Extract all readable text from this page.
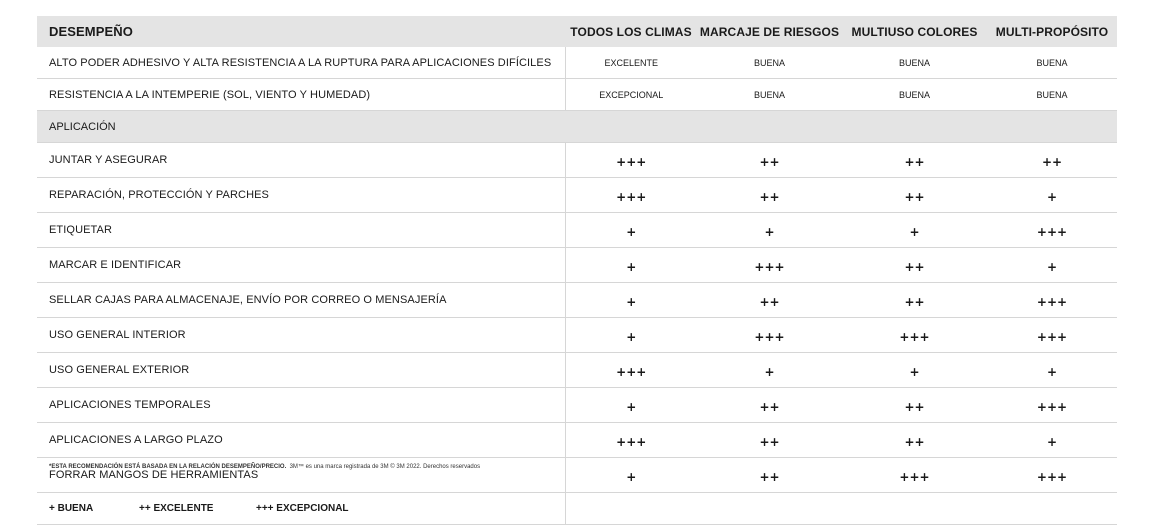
DESEMPEÑO	TODOS LOS CLIMAS	MARCAJE DE RIESGOS	MULTIUSO COLORES	MULTI-PROPÓSITO
ALTO PODER ADHESIVO Y ALTA RESISTENCIA A LA RUPTURA PARA APLICACIONES DIFÍCILES	EXCELENTE	BUENA	BUENA	BUENA
RESISTENCIA A LA INTEMPERIE (SOL, VIENTO Y HUMEDAD)	EXCEPCIONAL	BUENA	BUENA	BUENA
APLICACIÓN				
JUNTAR Y ASEGURAR	+++	++	++	++
REPARACIÓN, PROTECCIÓN Y PARCHES	+++	++	++	+
ETIQUETAR	+	+	+	+++
MARCAR E IDENTIFICAR	+	+++	++	+
SELLAR CAJAS PARA ALMACENAJE, ENVÍO POR CORREO O MENSAJERÍA	+	++	++	+++
USO GENERAL INTERIOR	+	+++	+++	+++
USO GENERAL EXTERIOR	+++	+	+	+
APLICACIONES TEMPORALES	+	++	++	+++
APLICACIONES A LARGO PLAZO	+++	++	++	+
FORRAR MANGOS DE HERRAMIENTAS	+	++	+++	+++
+ BUENA ++ EXCELENTE +++ EXCEPCIONAL				
*ESTA RECOMENDACIÓN ESTÁ BASADA EN LA RELACIÓN DESEMPEÑO/PRECIO. 3M™ es una marca registrada de 3M © 3M 2022. Derechos reservados
